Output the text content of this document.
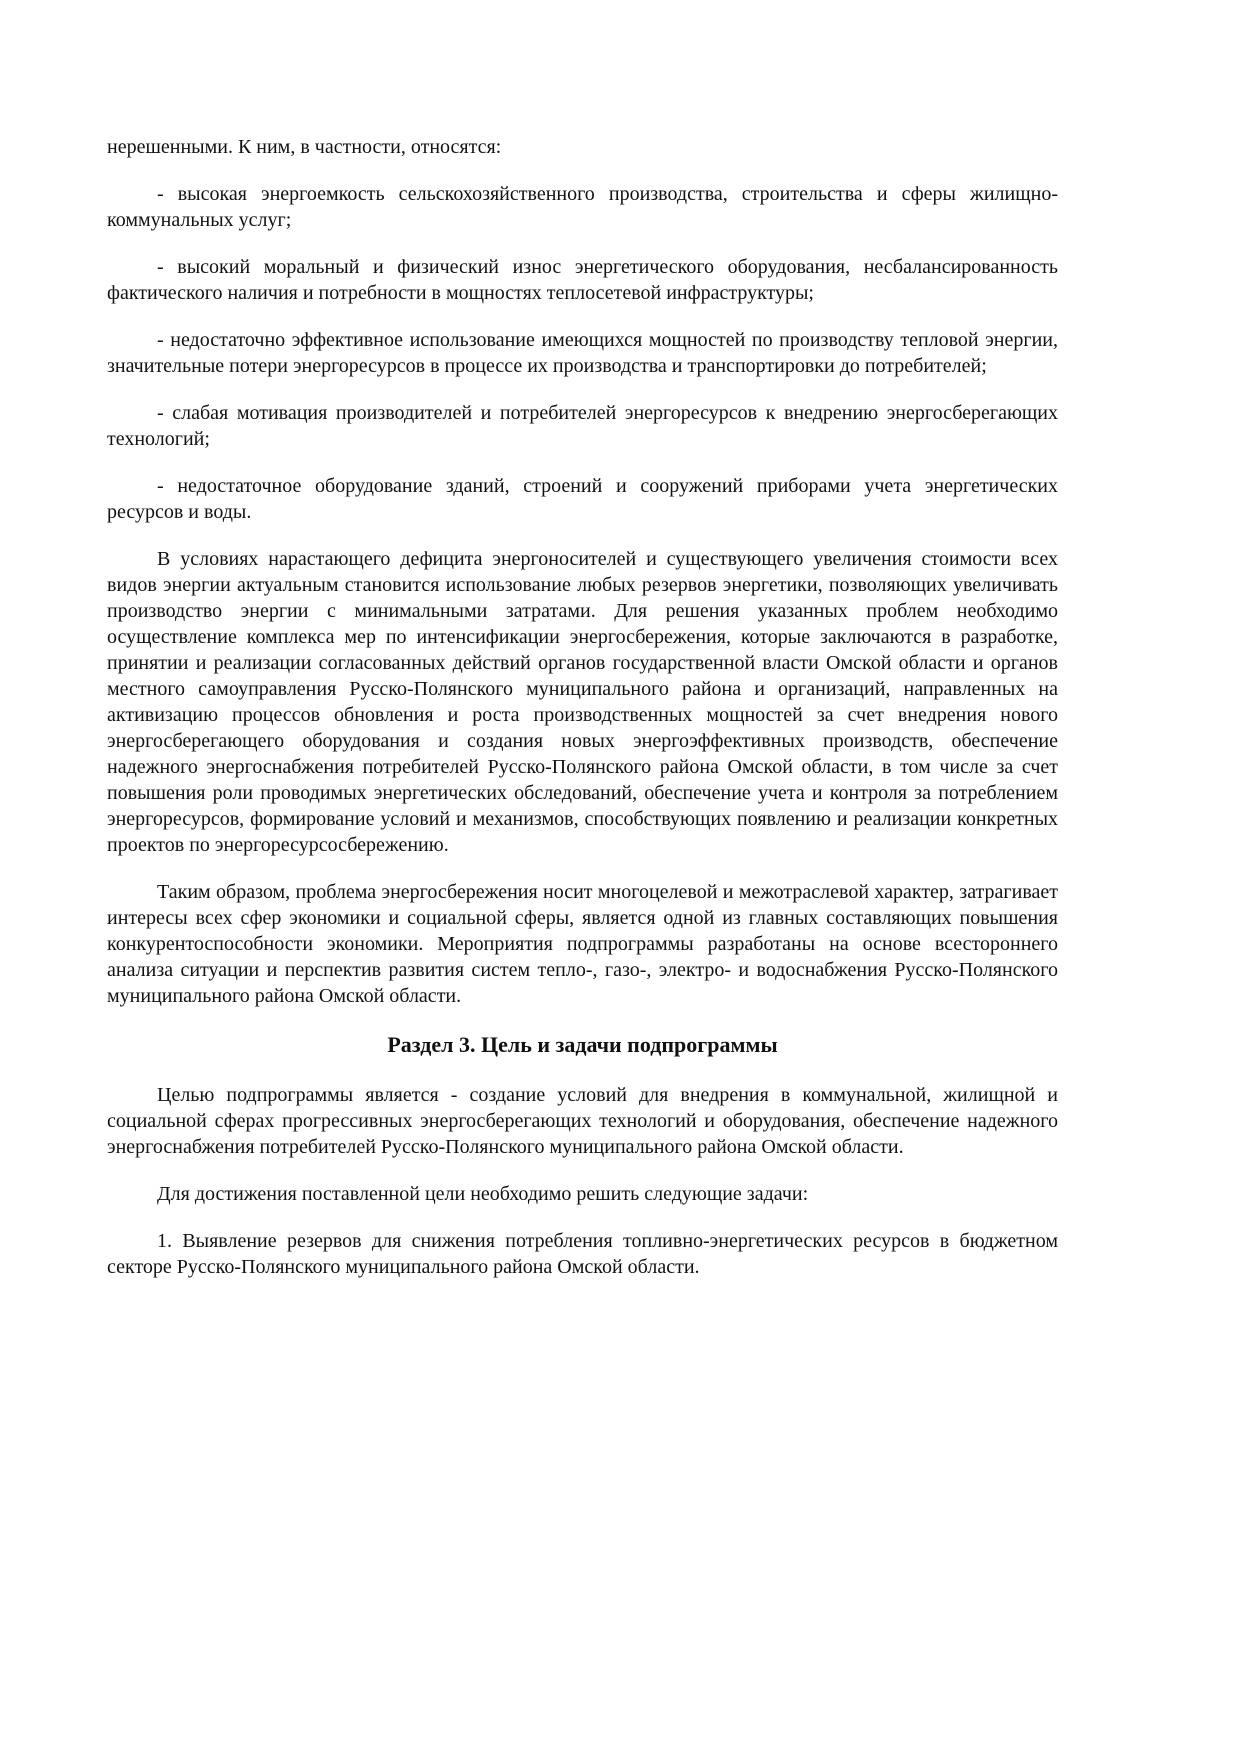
нерешенными. К ним, в частности, относятся:

- высокая энергоемкость сельскохозяйственного производства, строительства и сферы жилищно-коммунальных услуг;

- высокий моральный и физический износ энергетического оборудования, несбалансированность фактического наличия и потребности в мощностях теплосетевой инфраструктуры;

- недостаточно эффективное использование имеющихся мощностей по производству тепловой энергии, значительные потери энергоресурсов в процессе их производства и транспортировки до потребителей;

- слабая мотивация производителей и потребителей энергоресурсов к внедрению энергосберегающих технологий;

- недостаточное оборудование зданий, строений и сооружений приборами учета энергетических ресурсов и воды.

В условиях нарастающего дефицита энергоносителей и существующего увеличения стоимости всех видов энергии актуальным становится использование любых резервов энергетики, позволяющих увеличивать производство энергии с минимальными затратами. Для решения указанных проблем необходимо осуществление комплекса мер по интенсификации энергосбережения, которые заключаются в разработке, принятии и реализации согласованных действий органов государственной власти Омской области и органов местного самоуправления Русско-Полянского муниципального района и организаций, направленных на активизацию процессов обновления и роста производственных мощностей за счет внедрения нового энергосберегающего оборудования и создания новых энергоэффективных производств, обеспечение надежного энергоснабжения потребителей Русско-Полянского района Омской области, в том числе за счет повышения роли проводимых энергетических обследований, обеспечение учета и контроля за потреблением энергоресурсов, формирование условий и механизмов, способствующих появлению и реализации конкретных проектов по энергоресурсосбережению.

Таким образом, проблема энергосбережения носит многоцелевой и межотраслевой характер, затрагивает интересы всех сфер экономики и социальной сферы, является одной из главных составляющих повышения конкурентоспособности экономики. Мероприятия подпрограммы разработаны на основе всестороннего анализа ситуации и перспектив развития систем тепло-, газо-, электро- и водоснабжения Русско-Полянского муниципального района Омской области.

Раздел 3. Цель и задачи подпрограммы

Целью подпрограммы является - создание условий для внедрения в коммунальной, жилищной и социальной сферах прогрессивных энергосберегающих технологий и оборудования, обеспечение надежного энергоснабжения потребителей Русско-Полянского муниципального района Омской области.

Для достижения поставленной цели необходимо решить следующие задачи:

1. Выявление резервов для снижения потребления топливно-энергетических ресурсов в бюджетном секторе Русско-Полянского муниципального района Омской области.
